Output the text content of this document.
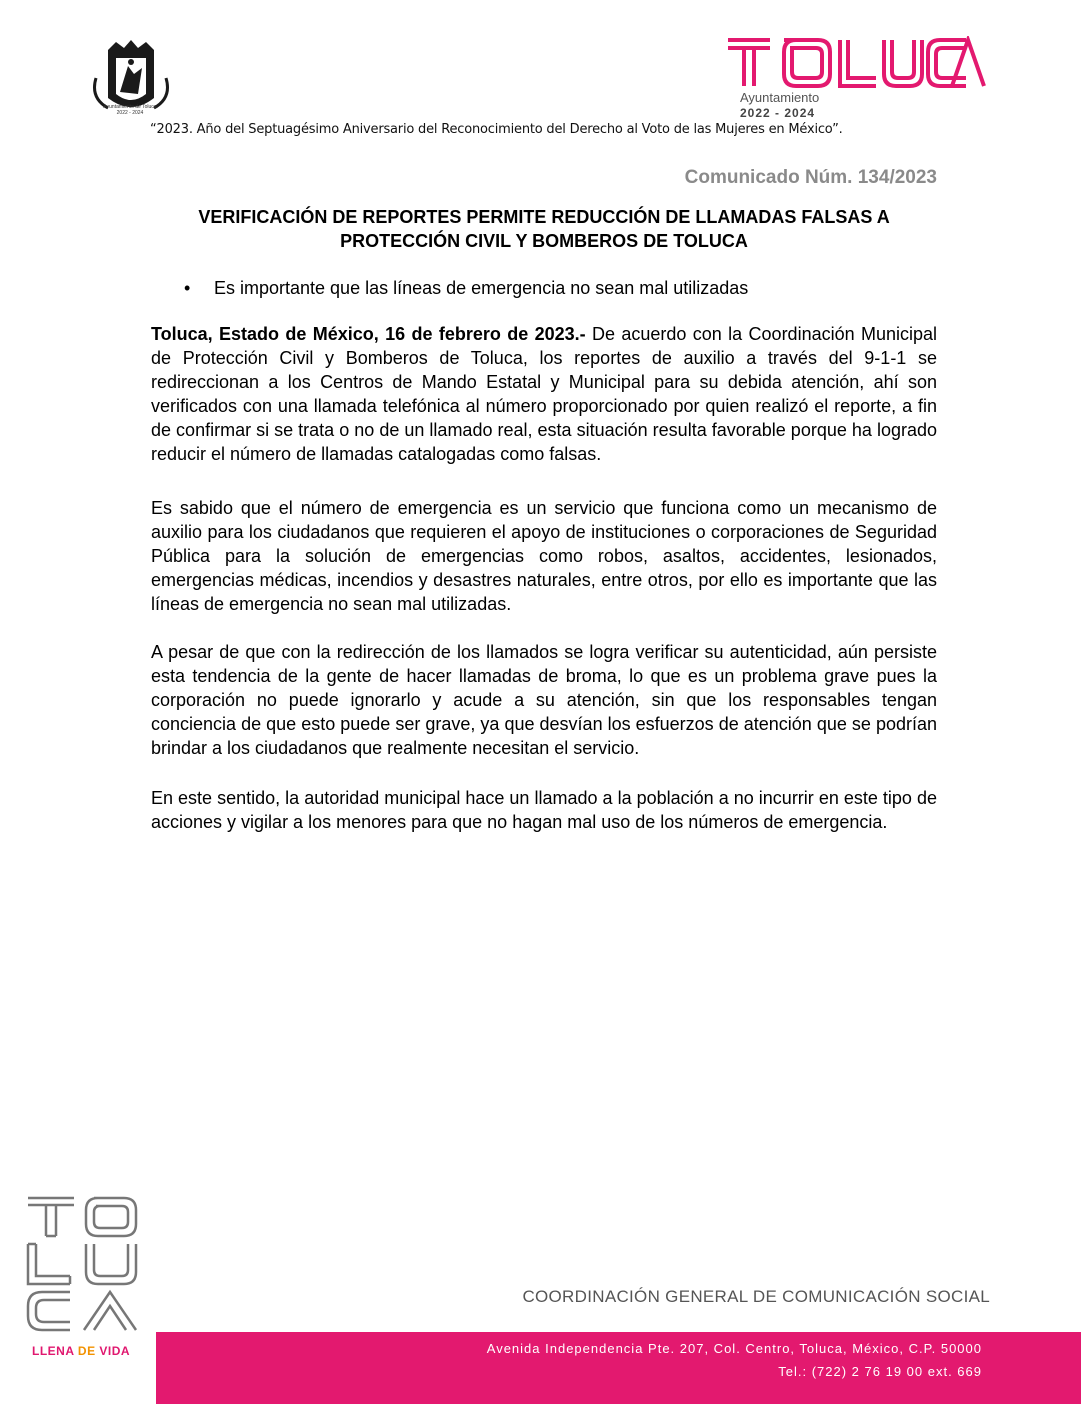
Ayuntamiento de Toluca
2022 - 2024
Ayuntamiento
2022 - 2024
“2023. Año del Septuagésimo Aniversario del Reconocimiento del Derecho al Voto de las Mujeres en México”.
Comunicado Núm. 134/2023
VERIFICACIÓN DE REPORTES PERMITE REDUCCIÓN DE LLAMADAS FALSAS A
PROTECCIÓN CIVIL Y BOMBEROS DE TOLUCA
• Es importante que las líneas de emergencia no sean mal utilizadas
Toluca, Estado de México, 16 de febrero de 2023.- De acuerdo con la Coordinación Municipal de Protección Civil y Bomberos de Toluca, los reportes de auxilio a través del 9-1-1 se redireccionan a los Centros de Mando Estatal y Municipal para su debida atención, ahí son verificados con una llamada telefónica al número proporcionado por quien realizó el reporte, a fin de confirmar si se trata o no de un llamado real, esta situación resulta favorable porque ha logrado reducir el número de llamadas catalogadas como falsas.
Es sabido que el número de emergencia es un servicio que funciona como un mecanismo de auxilio para los ciudadanos que requieren el apoyo de instituciones o corporaciones de Seguridad Pública para la solución de emergencias como robos, asaltos, accidentes, lesionados, emergencias médicas, incendios y desastres naturales, entre otros, por ello es importante que las líneas de emergencia no sean mal utilizadas.
A pesar de que con la redirección de los llamados se logra verificar su autenticidad, aún persiste esta tendencia de la gente de hacer llamadas de broma, lo que es un problema grave pues la corporación no puede ignorarlo y acude a su atención, sin que los responsables tengan conciencia de que esto puede ser grave, ya que desvían los esfuerzos de atención que se podrían brindar a los ciudadanos que realmente necesitan el servicio.
En este sentido, la autoridad municipal hace un llamado a la población a no incurrir en este tipo de acciones y vigilar a los menores para que no hagan mal uso de los números de emergencia.
LLENA DE VIDA
COORDINACIÓN GENERAL DE COMUNICACIÓN SOCIAL
Avenida Independencia Pte. 207, Col. Centro, Toluca, México, C.P. 50000
Tel.: (722) 2 76 19 00 ext. 669
